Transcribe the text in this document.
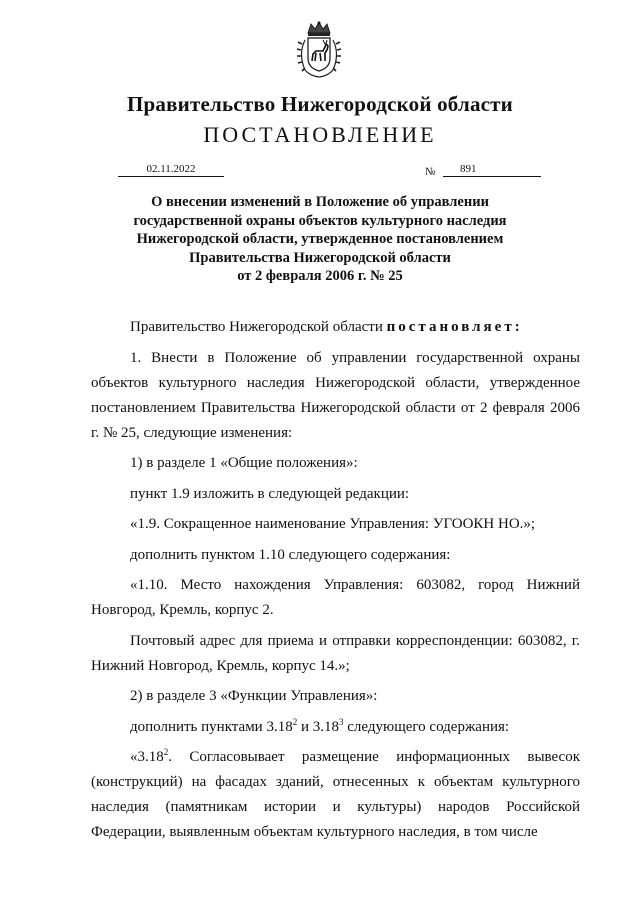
Правительство Нижегородской области
ПОСТАНОВЛЕНИЕ
02.11.2022	№	891
О внесении изменений в Положение об управлении
государственной охраны объектов культурного наследия
Нижегородской области, утвержденное постановлением
Правительства Нижегородской области
от 2 февраля 2006 г. № 25

Правительство Нижегородской области постановляет:

1. Внести в Положение об управлении государственной охраны объектов культурного наследия Нижегородской области, утвержденное постановлением Правительства Нижегородской области от 2 февраля 2006 г. № 25, следующие изменения:

1) в разделе 1 «Общие положения»:

пункт 1.9 изложить в следующей редакции:

«1.9. Сокращенное наименование Управления: УГООКН НО.»;

дополнить пунктом 1.10 следующего содержания:

«1.10. Место нахождения Управления: 603082, город Нижний Новгород, Кремль, корпус 2.

Почтовый адрес для приема и отправки корреспонденции: 603082, г. Нижний Новгород, Кремль, корпус 14.»;

2) в разделе 3 «Функции Управления»:

дополнить пунктами 3.18$^2$ и 3.18$^3$ следующего содержания:

«3.18$^2$. Согласовывает размещение информационных вывесок (конструкций) на фасадах зданий, отнесенных к объектам культурного наследия (памятникам истории и культуры) народов Российской Федерации, выявленным объектам культурного наследия, в том числе
